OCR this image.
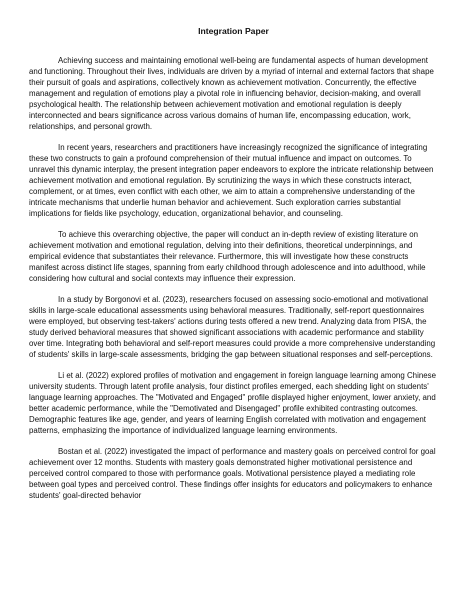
Integration Paper

Achieving success and maintaining emotional well-being are fundamental aspects of human development and functioning. Throughout their lives, individuals are driven by a myriad of internal and external factors that shape their pursuit of goals and aspirations, collectively known as achievement motivation. Concurrently, the effective management and regulation of emotions play a pivotal role in influencing behavior, decision-making, and overall psychological health. The relationship between achievement motivation and emotional regulation is deeply interconnected and bears significance across various domains of human life, encompassing education, work, relationships, and personal growth.

In recent years, researchers and practitioners have increasingly recognized the significance of integrating these two constructs to gain a profound comprehension of their mutual influence and impact on outcomes. To unravel this dynamic interplay, the present integration paper endeavors to explore the intricate relationship between achievement motivation and emotional regulation. By scrutinizing the ways in which these constructs interact, complement, or at times, even conflict with each other, we aim to attain a comprehensive understanding of the intricate mechanisms that underlie human behavior and achievement. Such exploration carries substantial implications for fields like psychology, education, organizational behavior, and counseling.

To achieve this overarching objective, the paper will conduct an in-depth review of existing literature on achievement motivation and emotional regulation, delving into their definitions, theoretical underpinnings, and empirical evidence that substantiates their relevance. Furthermore, this will investigate how these constructs manifest across distinct life stages, spanning from early childhood through adolescence and into adulthood, while considering how cultural and social contexts may influence their expression.

In a study by Borgonovi et al. (2023), researchers focused on assessing socio-emotional and motivational skills in large-scale educational assessments using behavioral measures. Traditionally, self-report questionnaires were employed, but observing test-takers' actions during tests offered a new trend. Analyzing data from PISA, the study derived behavioral measures that showed significant associations with academic performance and stability over time. Integrating both behavioral and self-report measures could provide a more comprehensive understanding of students' skills in large-scale assessments, bridging the gap between situational responses and self-perceptions.

Li et al. (2022) explored profiles of motivation and engagement in foreign language learning among Chinese university students. Through latent profile analysis, four distinct profiles emerged, each shedding light on students' language learning approaches. The "Motivated and Engaged" profile displayed higher enjoyment, lower anxiety, and better academic performance, while the "Demotivated and Disengaged" profile exhibited contrasting outcomes. Demographic features like age, gender, and years of learning English correlated with motivation and engagement patterns, emphasizing the importance of individualized language learning environments.

Bostan et al. (2022) investigated the impact of performance and mastery goals on perceived control for goal achievement over 12 months. Students with mastery goals demonstrated higher motivational persistence and perceived control compared to those with performance goals. Motivational persistence played a mediating role between goal types and perceived control. These findings offer insights for educators and policymakers to enhance students' goal-directed behavior
